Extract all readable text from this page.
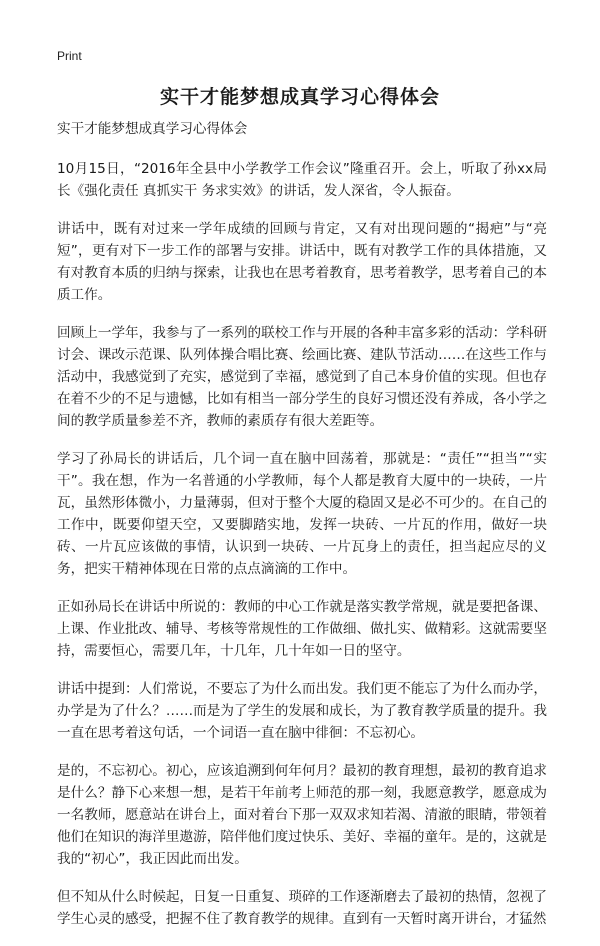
Print
实干才能梦想成真学习心得体会

实干才能梦想成真学习心得体会

10月15日，“2016年全县中小学教学工作会议”隆重召开。会上，听取了孙xx局长《强化责任 真抓实干 务求实效》的讲话，发人深省，令人振奋。

讲话中，既有对过来一学年成绩的回顾与肯定，又有对出现问题的“揭疤”与“亮短”，更有对下一步工作的部署与安排。讲话中，既有对教学工作的具体措施，又有对教育本质的归纳与探索，让我也在思考着教育，思考着教学，思考着自己的本质工作。

回顾上一学年，我参与了一系列的联校工作与开展的各种丰富多彩的活动：学科研讨会、课改示范课、队列体操合唱比赛、绘画比赛、建队节活动……在这些工作与活动中，我感觉到了充实，感觉到了幸福，感觉到了自己本身价值的实现。但也存在着不少的不足与遗憾，比如有相当一部分学生的良好习惯还没有养成，各小学之间的教学质量参差不齐，教师的素质存有很大差距等。

学习了孙局长的讲话后，几个词一直在脑中回荡着，那就是：“责任”“担当”“实干”。我在想，作为一名普通的小学教师，每个人都是教育大厦中的一块砖，一片瓦，虽然形体微小，力量薄弱，但对于整个大厦的稳固又是必不可少的。在自己的工作中，既要仰望天空，又要脚踏实地，发挥一块砖、一片瓦的作用，做好一块砖、一片瓦应该做的事情，认识到一块砖、一片瓦身上的责任，担当起应尽的义务，把实干精神体现在日常的点点滴滴的工作中。

正如孙局长在讲话中所说的：教师的中心工作就是落实教学常规，就是要把备课、上课、作业批改、辅导、考核等常规性的工作做细、做扎实、做精彩。这就需要坚持，需要恒心，需要几年，十几年，几十年如一日的坚守。

讲话中提到：人们常说，不要忘了为什么而出发。我们更不能忘了为什么而办学，办学是为了什么？……而是为了学生的发展和成长，为了教育教学质量的提升。我一直在思考着这句话，一个词语一直在脑中徘徊：不忘初心。

是的，不忘初心。初心，应该追溯到何年何月？最初的教育理想，最初的教育追求是什么？静下心来想一想，是若干年前考上师范的那一刻，我愿意教学，愿意成为一名教师，愿意站在讲台上，面对着台下那一双双求知若渴、清澈的眼睛，带领着他们在知识的海洋里遨游，陪伴他们度过快乐、美好、幸福的童年。是的，这就是我的“初心”，我正因此而出发。

但不知从什么时候起，日复一日重复、琐碎的工作逐渐磨去了最初的热情，忽视了学生心灵的感受，把握不住了教育教学的规律。直到有一天暂时离开讲台，才猛然
